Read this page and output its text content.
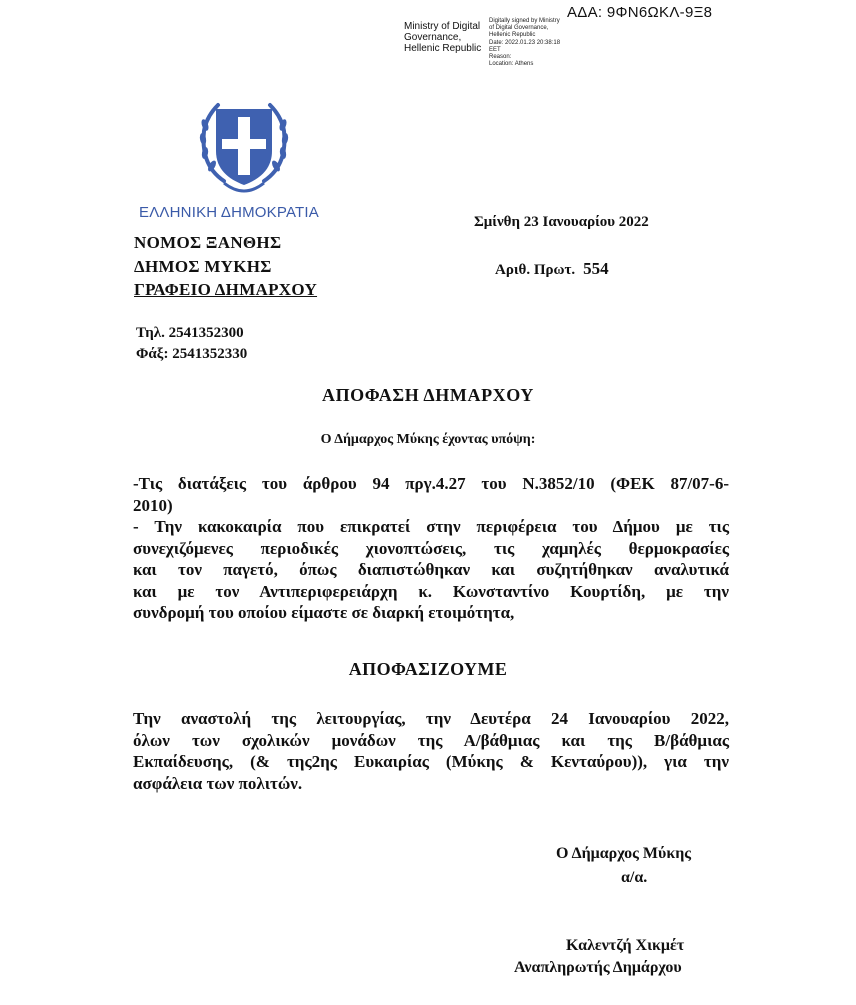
ΑΔΑ: 9ΦΝ6ΩΚΛ-9Ξ8
Ministry of Digital
Governance,
Hellenic Republic
Digitally signed by Ministry
of Digital Governance,
Hellenic Republic
Date: 2022.01.23 20:38:18
EET
Reason:
Location: Athens
ΕΛΛΗΝΙΚΗ ΔΗΜΟΚΡΑΤΙΑ
ΝΟΜΟΣ ΞΑΝΘΗΣ
ΔΗΜΟΣ ΜΥΚΗΣ
ΓΡΑΦΕΙΟ ΔΗΜΑΡΧΟΥ
Σμίνθη 23 Ιανουαρίου 2022
Αριθ. Πρωτ. 554
Τηλ. 2541352300
Φάξ: 2541352330
ΑΠΟΦΑΣΗ ΔΗΜΑΡΧΟΥ
Ο Δήμαρχος Μύκης έχοντας υπόψη:
-Τις διατάξεις του άρθρου 94 πργ.4.27 του Ν.3852/10 (ΦΕΚ 87/07-6-
2010)
- Την κακοκαιρία που επικρατεί στην περιφέρεια του Δήμου με τις
συνεχιζόμενες περιοδικές χιονοπτώσεις, τις χαμηλές θερμοκρασίες
και τον παγετό, όπως διαπιστώθηκαν και συζητήθηκαν αναλυτικά
και με τον Αντιπεριφερειάρχη κ. Κωνσταντίνο Κουρτίδη, με την
συνδρομή του οποίου είμαστε σε διαρκή ετοιμότητα,
ΑΠΟΦΑΣΙΖΟΥΜΕ
Την αναστολή της λειτουργίας, την Δευτέρα 24 Ιανουαρίου 2022,
όλων των σχολικών μονάδων της Α/βάθμιας και της Β/βάθμιας
Εκπαίδευσης, (& της2ης Ευκαιρίας (Μύκης & Κενταύρου)), για την
ασφάλεια των πολιτών.
Ο Δήμαρχος Μύκης
α/α.
Καλεντζή Χικμέτ
Αναπληρωτής Δημάρχου
